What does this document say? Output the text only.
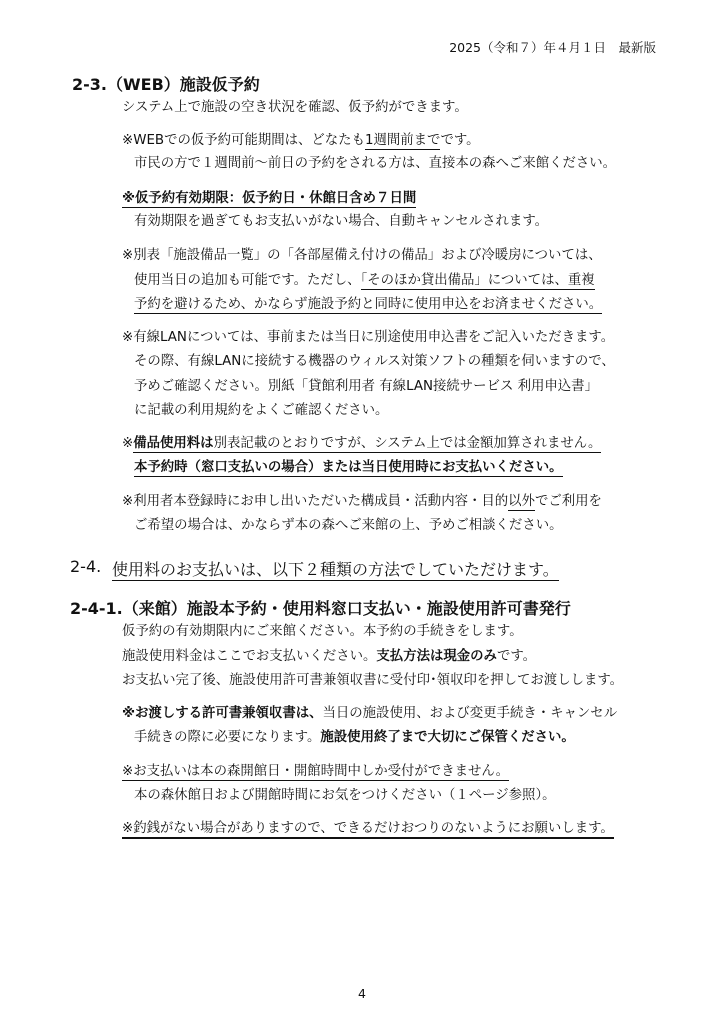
2025（令和７）年４月１日　最新版
2-3.（WEB）施設仮予約
システム上で施設の空き状況を確認、仮予約ができます。
※WEBでの仮予約可能期間は、どなたも1週間前までです。
市民の方で１週間前～前日の予約をされる方は、直接本の森へご来館ください。
※仮予約有効期限：仮予約日・休館日含め７日間
有効期限を過ぎてもお支払いがない場合、自動キャンセルされます。
※別表「施設備品一覧」の「各部屋備え付けの備品」および冷暖房については、
使用当日の追加も可能です。ただし、「そのほか貸出備品」については、重複
予約を避けるため、かならず施設予約と同時に使用申込をお済ませください。
※有線LANについては、事前または当日に別途使用申込書をご記入いただきます。
その際、有線LANに接続する機器のウィルス対策ソフトの種類を伺いますので、
予めご確認ください。別紙「貸館利用者 有線LAN接続サービス 利用申込書」
に記載の利用規約をよくご確認ください。
※備品使用料は別表記載のとおりですが、システム上では金額加算されません。
本予約時（窓口支払いの場合）または当日使用時にお支払いください。
※利用者本登録時にお申し出いただいた構成員・活動内容・目的以外でご利用を
ご希望の場合は、かならず本の森へご来館の上、予めご相談ください。
2-4. 使用料のお支払いは、以下２種類の方法でしていただけます。
2-4-1.（来館）施設本予約・使用料窓口支払い・施設使用許可書発行
仮予約の有効期限内にご来館ください。本予約の手続きをします。
施設使用料金はここでお支払いください。支払方法は現金のみです。
お支払い完了後、施設使用許可書兼領収書に受付印･領収印を押してお渡しします。
※お渡しする許可書兼領収書は、当日の施設使用、および変更手続き・キャンセル
手続きの際に必要になります。施設使用終了まで大切にご保管ください。
※お支払いは本の森開館日・開館時間中しか受付ができません。
本の森休館日および開館時間にお気をつけください（１ページ参照）。
※釣銭がない場合がありますので、できるだけおつりのないようにお願いします。
4
